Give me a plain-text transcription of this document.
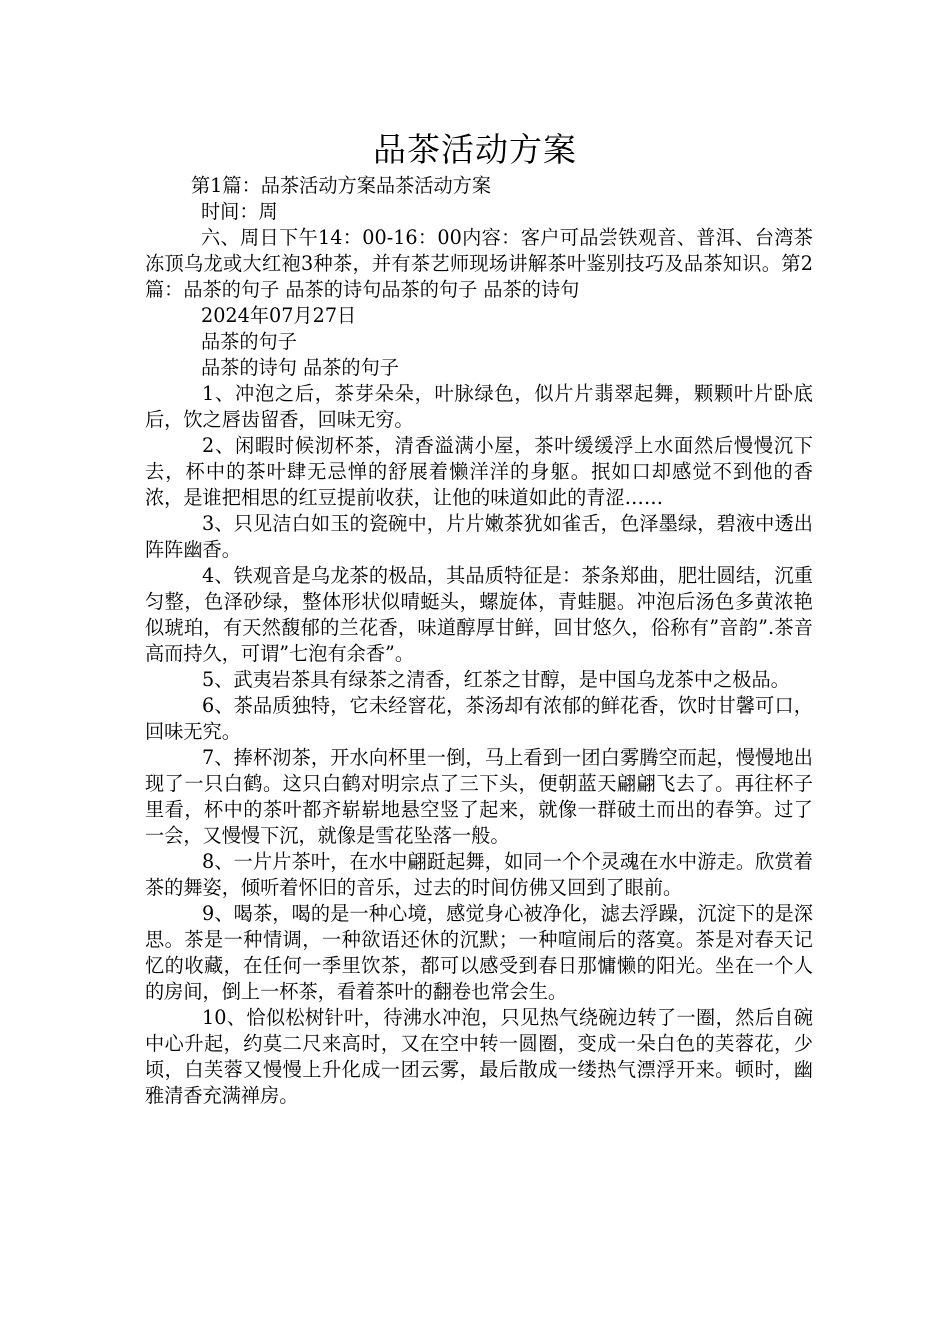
品茶活动方案

第1篇：品茶活动方案品茶活动方案

时间：周

六、周日下午14：00-16：00内容：客户可品尝铁观音、普洱、台湾茶冻顶乌龙或大红袍3种茶，并有茶艺师现场讲解茶叶鉴别技巧及品茶知识。第2篇：品茶的句子 品茶的诗句品茶的句子 品茶的诗句

2024年07月27日

品茶的句子

品茶的诗句 品茶的句子

1、冲泡之后，茶芽朵朵，叶脉绿色，似片片翡翠起舞，颗颗叶片卧底后，饮之唇齿留香，回味无穷。

2、闲暇时候沏杯茶，清香溢满小屋，茶叶缓缓浮上水面然后慢慢沉下去，杯中的茶叶肆无忌惮的舒展着懒洋洋的身躯。抿如口却感觉不到他的香浓，是谁把相思的红豆提前收获，让他的味道如此的青涩……

3、只见洁白如玉的瓷碗中，片片嫩茶犹如雀舌，色泽墨绿，碧液中透出阵阵幽香。

4、铁观音是乌龙茶的极品，其品质特征是：茶条郑曲，肥壮圆结，沉重匀整，色泽砂绿，整体形状似晴蜓头，螺旋体，青蛙腿。冲泡后汤色多黄浓艳似琥珀，有天然馥郁的兰花香，味道醇厚甘鲜，回甘悠久，俗称有”音韵”.茶音高而持久，可谓”七泡有余香”。

5、武夷岩茶具有绿茶之清香，红茶之甘醇，是中国乌龙茶中之极品。

6、茶品质独特，它未经窨花，茶汤却有浓郁的鲜花香，饮时甘馨可口，回味无究。

7、捧杯沏茶，开水向杯里一倒，马上看到一团白雾腾空而起，慢慢地出现了一只白鹤。这只白鹤对明宗点了三下头，便朝蓝天翩翩飞去了。再往杯子里看，杯中的茶叶都齐崭崭地悬空竖了起来，就像一群破土而出的春笋。过了一会，又慢慢下沉，就像是雪花坠落一般。

8、一片片茶叶，在水中翩跹起舞，如同一个个灵魂在水中游走。欣赏着茶的舞姿，倾听着怀旧的音乐，过去的时间仿佛又回到了眼前。

9、喝茶，喝的是一种心境，感觉身心被净化，滤去浮躁，沉淀下的是深思。茶是一种情调，一种欲语还休的沉默；一种喧闹后的落寞。茶是对春天记忆的收藏，在任何一季里饮茶，都可以感受到春日那慵懒的阳光。坐在一个人的房间，倒上一杯茶，看着茶叶的翻卷也常会生。

10、恰似松树针叶，待沸水冲泡，只见热气绕碗边转了一圈，然后自碗中心升起，约莫二尺来高时，又在空中转一圆圈，变成一朵白色的芙蓉花，少顷，白芙蓉又慢慢上升化成一团云雾，最后散成一缕热气漂浮开来。顿时，幽雅清香充满禅房。
